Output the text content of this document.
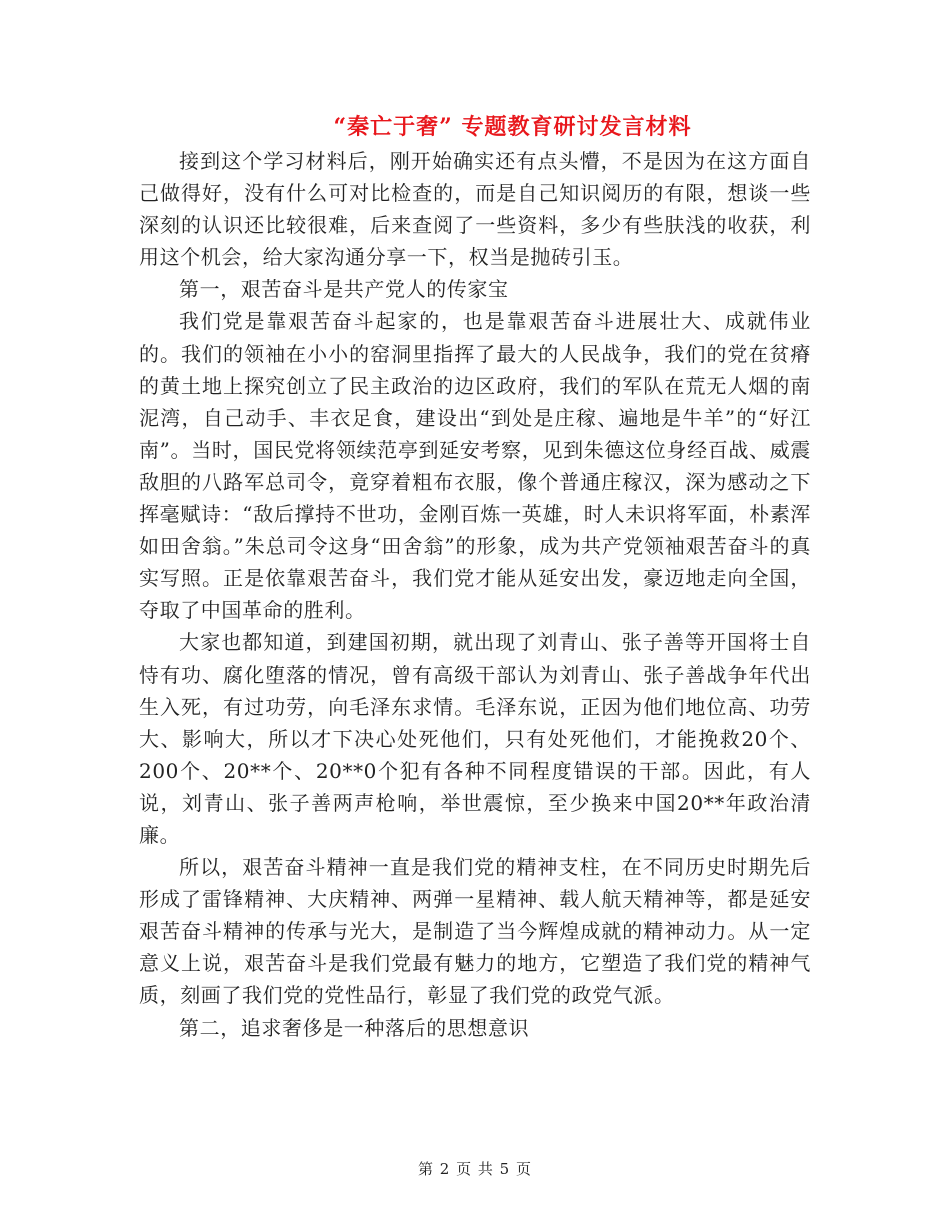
“秦亡于奢” 专题教育研讨发言材料

接到这个学习材料后，刚开始确实还有点头懵，不是因为在这方面自己做得好，没有什么可对比检查的，而是自己知识阅历的有限，想谈一些深刻的认识还比较很难，后来查阅了一些资料，多少有些肤浅的收获，利用这个机会，给大家沟通分享一下，权当是抛砖引玉。

第一，艰苦奋斗是共产党人的传家宝

我们党是靠艰苦奋斗起家的，也是靠艰苦奋斗进展壮大、成就伟业的。我们的领袖在小小的窑洞里指挥了最大的人民战争，我们的党在贫瘠的黄土地上探究创立了民主政治的边区政府，我们的军队在荒无人烟的南泥湾，自己动手、丰衣足食，建设出“到处是庄稼、遍地是牛羊”的“好江南”。当时，国民党将领续范亭到延安考察，见到朱德这位身经百战、威震敌胆的八路军总司令，竟穿着粗布衣服，像个普通庄稼汉，深为感动之下挥毫赋诗：“敌后撑持不世功，金刚百炼一英雄，时人未识将军面，朴素浑如田舍翁。”朱总司令这身“田舍翁”的形象，成为共产党领袖艰苦奋斗的真实写照。正是依靠艰苦奋斗，我们党才能从延安出发，豪迈地走向全国，夺取了中国革命的胜利。

大家也都知道，到建国初期，就出现了刘青山、张子善等开国将士自恃有功、腐化堕落的情况，曾有高级干部认为刘青山、张子善战争年代出生入死，有过功劳，向毛泽东求情。毛泽东说，正因为他们地位高、功劳大、影响大，所以才下决心处死他们，只有处死他们，才能挽救20个、200个、20**个、20**0个犯有各种不同程度错误的干部。因此，有人说，刘青山、张子善两声枪响，举世震惊，至少换来中国20**年政治清廉。

所以，艰苦奋斗精神一直是我们党的精神支柱，在不同历史时期先后形成了雷锋精神、大庆精神、两弹一星精神、载人航天精神等，都是延安艰苦奋斗精神的传承与光大，是制造了当今辉煌成就的精神动力。从一定意义上说，艰苦奋斗是我们党最有魅力的地方，它塑造了我们党的精神气质，刻画了我们党的党性品行，彰显了我们党的政党气派。

第二，追求奢侈是一种落后的思想意识

第 2 页 共 5 页
